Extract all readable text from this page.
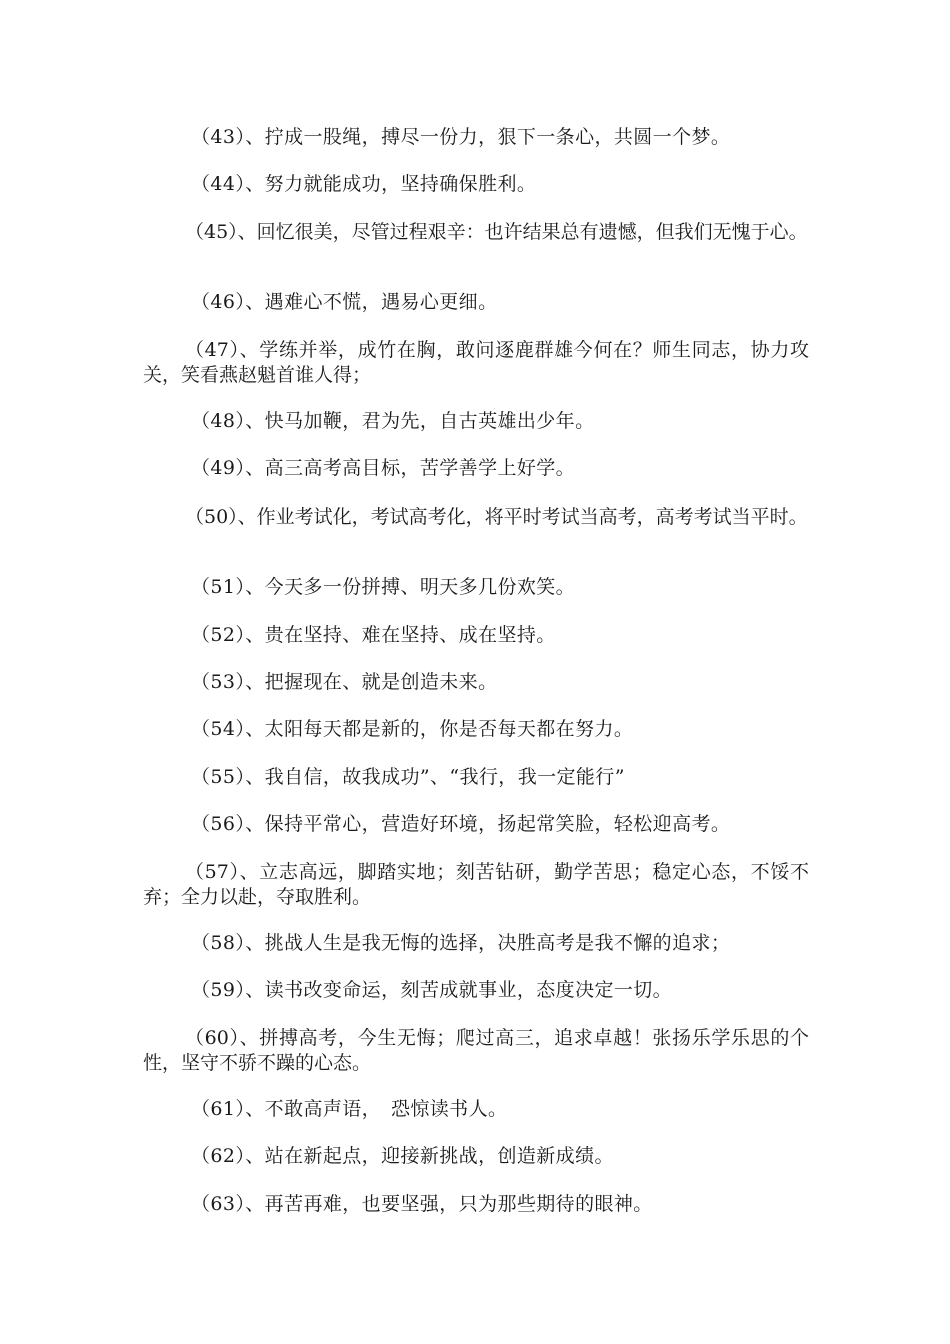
（43）、拧成一股绳，搏尽一份力，狠下一条心，共圆一个梦。

（44）、努力就能成功，坚持确保胜利。

（45）、回忆很美，尽管过程艰辛：也许结果总有遗憾，但我们无愧于心。

（46）、遇难心不慌，遇易心更细。

（47）、学练并举，成竹在胸，敢问逐鹿群雄今何在？师生同志，协力攻关，笑看燕赵魁首谁人得；

（48）、快马加鞭，君为先，自古英雄出少年。

（49）、高三高考高目标，苦学善学上好学。

（50）、作业考试化，考试高考化，将平时考试当高考，高考考试当平时。

（51）、今天多一份拼搏、明天多几份欢笑。

（52）、贵在坚持、难在坚持、成在坚持。

（53）、把握现在、就是创造未来。

（54）、太阳每天都是新的，你是否每天都在努力。

（55）、我自信，故我成功”、“我行，我一定能行”

（56）、保持平常心，营造好环境，扬起常笑脸，轻松迎高考。

（57）、立志高远，脚踏实地；刻苦钻研，勤学苦思；稳定心态，不馁不弃；全力以赴，夺取胜利。

（58）、挑战人生是我无悔的选择，决胜高考是我不懈的追求；

（59）、读书改变命运，刻苦成就事业，态度决定一切。

（60）、拼搏高考，今生无悔；爬过高三，追求卓越！张扬乐学乐思的个性，坚守不骄不躁的心态。

（61）、不敢高声语，　恐惊读书人。

（62）、站在新起点，迎接新挑战，创造新成绩。

（63）、再苦再难，也要坚强，只为那些期待的眼神。
